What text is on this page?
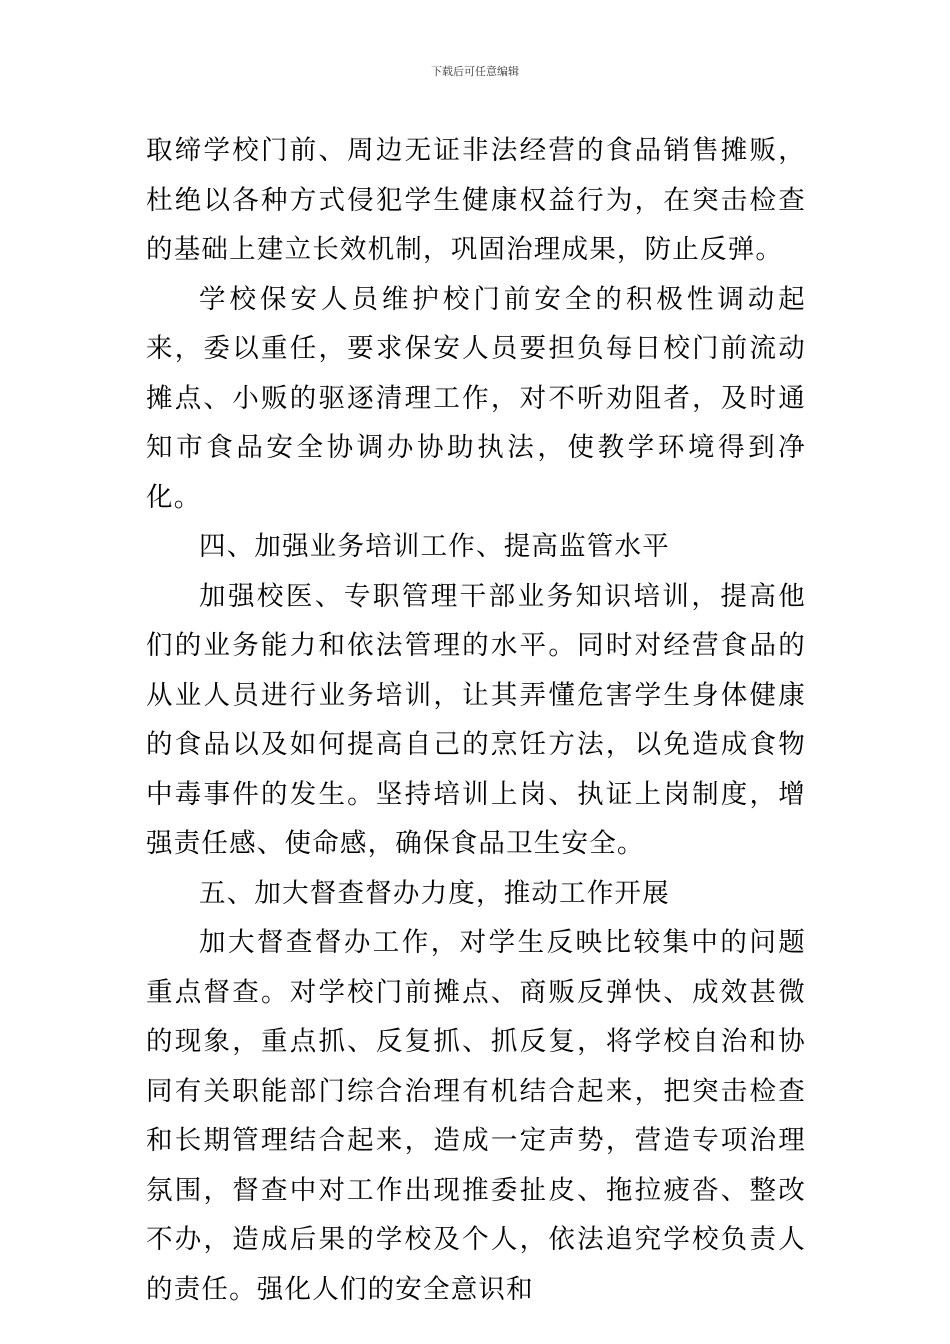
下载后可任意编辑

取缔学校门前、周边无证非法经营的食品销售摊贩，杜绝以各种方式侵犯学生健康权益行为，在突击检查的基础上建立长效机制，巩固治理成果，防止反弹。

学校保安人员维护校门前安全的积极性调动起来，委以重任，要求保安人员要担负每日校门前流动摊点、小贩的驱逐清理工作，对不听劝阻者，及时通知市食品安全协调办协助执法，使教学环境得到净化。

四、加强业务培训工作、提高监管水平

加强校医、专职管理干部业务知识培训，提高他们的业务能力和依法管理的水平。同时对经营食品的从业人员进行业务培训，让其弄懂危害学生身体健康的食品以及如何提高自己的烹饪方法，以免造成食物中毒事件的发生。坚持培训上岗、执证上岗制度，增强责任感、使命感，确保食品卫生安全。

五、加大督查督办力度，推动工作开展

加大督查督办工作，对学生反映比较集中的问题重点督查。对学校门前摊点、商贩反弹快、成效甚微的现象，重点抓、反复抓、抓反复，将学校自治和协同有关职能部门综合治理有机结合起来，把突击检查和长期管理结合起来，造成一定声势，营造专项治理氛围，督查中对工作出现推委扯皮、拖拉疲沓、整改不办，造成后果的学校及个人，依法追究学校负责人的责任。强化人们的安全意识和
